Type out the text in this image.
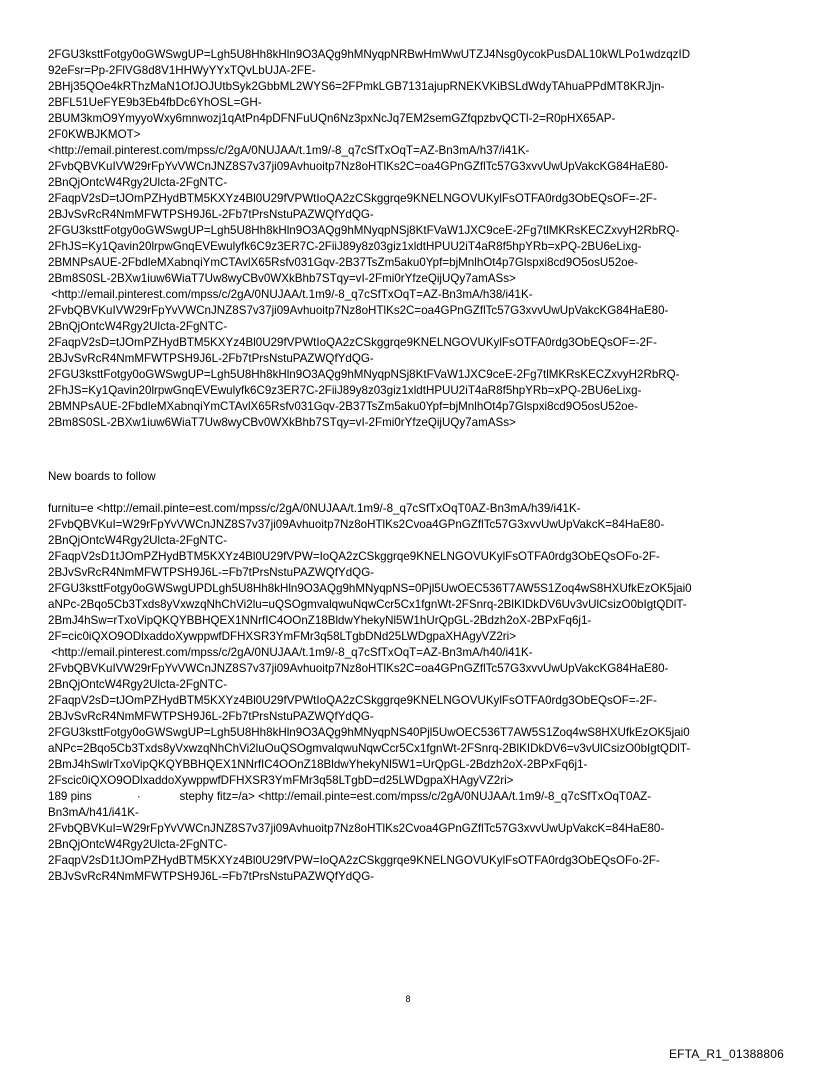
2FGU3ksttFotgy0oGWSwgUP=Lgh5U8Hh8kHln9O3AQg9hMNyqpNRBwHmWwUTZJ4Nsg0ycokPusDAL10kWLPo1wdzqzID
92eFsr=Pp-2FlVG8d8V1HHWyYYxTQvLbUJA-2FE-
2BHj35QOe4kRThzMaN1OfJOJUtbSyk2GbbML2WYS6=2FPmkLGB7131ajupRNEKVKiBSLdWdyTAhuaPPdMT8KRJjn-
2BFL51UeFYE9b3Eb4fbDc6YhOSL=GH-
2BUM3kmO9YmyyoWxy6mnwozj1qAtPn4pDFNFuUQn6Nz3pxNcJq7EM2semGZfqpzbvQCTl-2=R0pHX65AP-
2F0KWBJKMOT>
<http://email.pinterest.com/mpss/c/2gA/0NUJAA/t.1m9/-8_q7cSfTxOqT=AZ-Bn3mA/h37/i41K-
2FvbQBVKuIVW29rFpYvVWCnJNZ8S7v37ji09Avhuoitp7Nz8oHTlKs2C=oa4GPnGZflTc57G3xvvUwUpVakcKG84HaE80-
2BnQjOntcW4Rgy2Ulcta-2FgNTC-
2FaqpV2sD=tJOmPZHydBTM5KXYz4Bl0U29fVPWtIoQA2zCSkggrqe9KNELNGOVUKylFsOTFA0rdg3ObEQsOF=-2F-
2BJvSvRcR4NmMFWTPSH9J6L-2Fb7tPrsNstuPAZWQfYdQG-
2FGU3ksttFotgy0oGWSwgUP=Lgh5U8Hh8kHln9O3AQg9hMNyqpNSj8KtFVaW1JXC9ceE-2Fg7tlMKRsKECZxvyH2RbRQ-
2FhJS=Ky1Qavin20lrpwGnqEVEwulyfk6C9z3ER7C-2FiiJ89y8z03giz1xldtHPUU2iT4aR8f5hpYRb=xPQ-2BU6eLixg-
2BMNPsAUE-2FbdleMXabnqiYmCTAvlX65Rsfv031Gqv-2B37TsZm5aku0Ypf=bjMnlhOt4p7Glspxi8cd9O5osU52oe-
2Bm8S0SL-2BXw1iuw6WiaT7Uw8wyCBv0WXkBhb7STqy=vI-2Fmi0rYfzeQijUQy7amASs>
<http://email.pinterest.com/mpss/c/2gA/0NUJAA/t.1m9/-8_q7cSfTxOqT=AZ-Bn3mA/h38/i41K-
2FvbQBVKuIVW29rFpYvVWCnJNZ8S7v37ji09Avhuoitp7Nz8oHTlKs2C=oa4GPnGZflTc57G3xvvUwUpVakcKG84HaE80-
2BnQjOntcW4Rgy2Ulcta-2FgNTC-
2FaqpV2sD=tJOmPZHydBTM5KXYz4Bl0U29fVPWtIoQA2zCSkggrqe9KNELNGOVUKylFsOTFA0rdg3ObEQsOF=-2F-
2BJvSvRcR4NmMFWTPSH9J6L-2Fb7tPrsNstuPAZWQfYdQG-
2FGU3ksttFotgy0oGWSwgUP=Lgh5U8Hh8kHln9O3AQg9hMNyqpNSj8KtFVaW1JXC9ceE-2Fg7tlMKRsKECZxvyH2RbRQ-
2FhJS=Ky1Qavin20lrpwGnqEVEwulyfk6C9z3ER7C-2FiiJ89y8z03giz1xldtHPUU2iT4aR8f5hpYRb=xPQ-2BU6eLixg-
2BMNPsAUE-2FbdleMXabnqiYmCTAvlX65Rsfv031Gqv-2B37TsZm5aku0Ypf=bjMnlhOt4p7Glspxi8cd9O5osU52oe-
2Bm8S0SL-2BXw1iuw6WiaT7Uw8wyCBv0WXkBhb7STqy=vI-2Fmi0rYfzeQijUQy7amASs>
New boards to follow
furnitu=e <http://email.pinte=est.com/mpss/c/2gA/0NUJAA/t.1m9/-8_q7cSfTxOqT0AZ-Bn3mA/h39/i41K-
2FvbQBVKuI=W29rFpYvVWCnJNZ8S7v37ji09Avhuoitp7Nz8oHTlKs2Cvoa4GPnGZflTc57G3xvvUwUpVakcK=84HaE80-
2BnQjOntcW4Rgy2Ulcta-2FgNTC-
2FaqpV2sD1tJOmPZHydBTM5KXYz4Bl0U29fVPW=IoQA2zCSkggrqe9KNELNGOVUKylFsOTFA0rdg3ObEQsOFo-2F-
2BJvSvRcR4NmMFWTPSH9J6L-=Fb7tPrsNstuPAZWQfYdQG-
2FGU3ksttFotgy0oGWSwgUPDLgh5U8Hh8kHln9O3AQg9hMNyqpNS=0Pjl5UwOEC536T7AW5S1Zoq4wS8HXUfkEzOK5jai0
aNPc-2Bqo5Cb3Txds8yVxwzqNhChVi2lu=uQSOgmvalqwuNqwCcr5Cx1fgnWt-2FSnrq-2BlKIDkDV6Uv3vUlCsizO0bIgtQDlT-
2BmJ4hSw=rTxoVipQKQYBBHQEX1NNrfIC4OOnZ18BldwYhekyNl5W1hUrQpGL-2Bdzh2oX-2BPxFq6j1-
2F=cic0iQXO9ODlxaddoXywppwfDFHXSR3YmFMr3q58LTgbDNd25LWDgpaXHAgyVZ2ri>
<http://email.pinterest.com/mpss/c/2gA/0NUJAA/t.1m9/-8_q7cSfTxOqT=AZ-Bn3mA/h40/i41K-
2FvbQBVKuIVW29rFpYvVWCnJNZ8S7v37ji09Avhuoitp7Nz8oHTlKs2C=oa4GPnGZflTc57G3xvvUwUpVakcKG84HaE80-
2BnQjOntcW4Rgy2Ulcta-2FgNTC-
2FaqpV2sD=tJOmPZHydBTM5KXYz4Bl0U29fVPWtIoQA2zCSkggrqe9KNELNGOVUKylFsOTFA0rdg3ObEQsOF=-2F-
2BJvSvRcR4NmMFWTPSH9J6L-2Fb7tPrsNstuPAZWQfYdQG-
2FGU3ksttFotgy0oGWSwgUP=Lgh5U8Hh8kHln9O3AQg9hMNyqpNS40Pjl5UwOEC536T7AW5S1Zoq4wS8HXUfkEzOK5jai0
aNPc=2Bqo5Cb3Txds8yVxwzqNhChVi2luOuQSOgmvalqwuNqwCcr5Cx1fgnWt-2FSnrq-2BlKIDkDV6=v3vUlCsizO0bIgtQDlT-
2BmJ4hSwlrTxoVipQKQYBBHQEX1NNrfIC4OOnZ18BldwYhekyNl5W1=UrQpGL-2Bdzh2oX-2BPxFq6j1-
2Fscic0iQXO9ODlxaddoXywppwfDFHXSR3YmFMr3q58LTgbD=d25LWDgpaXHAgyVZ2ri>
189 pins              ·            stephy fitz=/a> <http://email.pinte=est.com/mpss/c/2gA/0NUJAA/t.1m9/-8_q7cSfTxOqT0AZ-
Bn3mA/h41/i41K-
2FvbQBVKuI=W29rFpYvVWCnJNZ8S7v37ji09Avhuoitp7Nz8oHTlKs2Cvoa4GPnGZflTc57G3xvvUwUpVakcK=84HaE80-
2BnQjOntcW4Rgy2Ulcta-2FgNTC-
2FaqpV2sD1tJOmPZHydBTM5KXYz4Bl0U29fVPW=IoQA2zCSkggrqe9KNELNGOVUKylFsOTFA0rdg3ObEQsOFo-2F-
2BJvSvRcR4NmMFWTPSH9J6L-=Fb7tPrsNstuPAZWQfYdQG-
8
EFTA_R1_01388806
